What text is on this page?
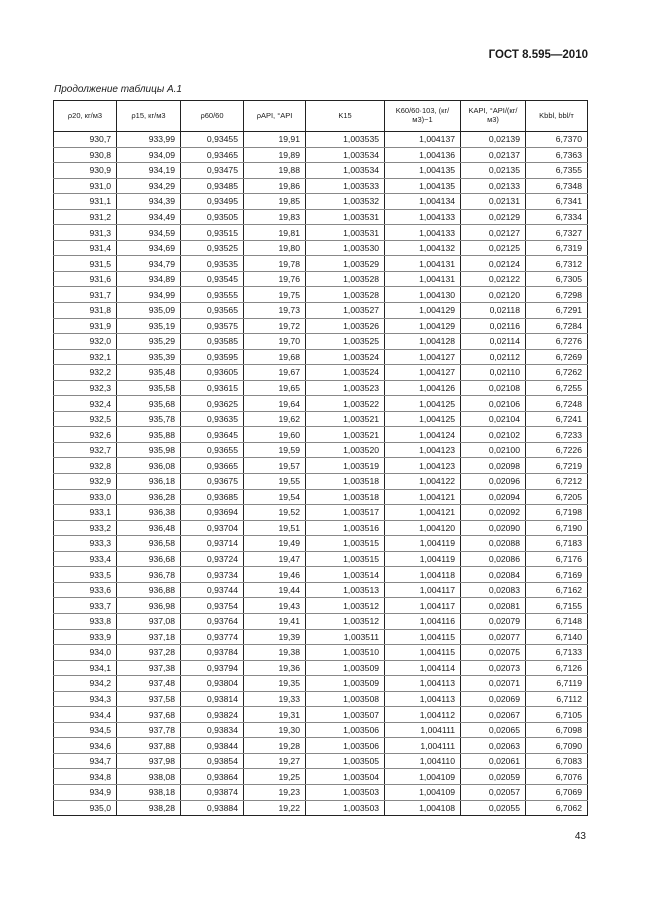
ГОСТ 8.595—2010
Продолжение таблицы А.1
ρ20, кг/м3	ρ15, кг/м3	ρ60/60	ρAPI, °API	K15	K60/60·103, (кг/м3)−1	KAPI, °API/(кг/м3)	Kbbl, bbl/т
930,7	933,99	0,93455	19,91	1,003535	1,004137	0,02139	6,7370
930,8	934,09	0,93465	19,89	1,003534	1,004136	0,02137	6,7363
930,9	934,19	0,93475	19,88	1,003534	1,004135	0,02135	6,7355
931,0	934,29	0,93485	19,86	1,003533	1,004135	0,02133	6,7348
931,1	934,39	0,93495	19,85	1,003532	1,004134	0,02131	6,7341
931,2	934,49	0,93505	19,83	1,003531	1,004133	0,02129	6,7334
931,3	934,59	0,93515	19,81	1,003531	1,004133	0,02127	6,7327
931,4	934,69	0,93525	19,80	1,003530	1,004132	0,02125	6,7319
931,5	934,79	0,93535	19,78	1,003529	1,004131	0,02124	6,7312
931,6	934,89	0,93545	19,76	1,003528	1,004131	0,02122	6,7305
931,7	934,99	0,93555	19,75	1,003528	1,004130	0,02120	6,7298
931,8	935,09	0,93565	19,73	1,003527	1,004129	0,02118	6,7291
931,9	935,19	0,93575	19,72	1,003526	1,004129	0,02116	6,7284
932,0	935,29	0,93585	19,70	1,003525	1,004128	0,02114	6,7276
932,1	935,39	0,93595	19,68	1,003524	1,004127	0,02112	6,7269
932,2	935,48	0,93605	19,67	1,003524	1,004127	0,02110	6,7262
932,3	935,58	0,93615	19,65	1,003523	1,004126	0,02108	6,7255
932,4	935,68	0,93625	19,64	1,003522	1,004125	0,02106	6,7248
932,5	935,78	0,93635	19,62	1,003521	1,004125	0,02104	6,7241
932,6	935,88	0,93645	19,60	1,003521	1,004124	0,02102	6,7233
932,7	935,98	0,93655	19,59	1,003520	1,004123	0,02100	6,7226
932,8	936,08	0,93665	19,57	1,003519	1,004123	0,02098	6,7219
932,9	936,18	0,93675	19,55	1,003518	1,004122	0,02096	6,7212
933,0	936,28	0,93685	19,54	1,003518	1,004121	0,02094	6,7205
933,1	936,38	0,93694	19,52	1,003517	1,004121	0,02092	6,7198
933,2	936,48	0,93704	19,51	1,003516	1,004120	0,02090	6,7190
933,3	936,58	0,93714	19,49	1,003515	1,004119	0,02088	6,7183
933,4	936,68	0,93724	19,47	1,003515	1,004119	0,02086	6,7176
933,5	936,78	0,93734	19,46	1,003514	1,004118	0,02084	6,7169
933,6	936,88	0,93744	19,44	1,003513	1,004117	0,02083	6,7162
933,7	936,98	0,93754	19,43	1,003512	1,004117	0,02081	6,7155
933,8	937,08	0,93764	19,41	1,003512	1,004116	0,02079	6,7148
933,9	937,18	0,93774	19,39	1,003511	1,004115	0,02077	6,7140
934,0	937,28	0,93784	19,38	1,003510	1,004115	0,02075	6,7133
934,1	937,38	0,93794	19,36	1,003509	1,004114	0,02073	6,7126
934,2	937,48	0,93804	19,35	1,003509	1,004113	0,02071	6,7119
934,3	937,58	0,93814	19,33	1,003508	1,004113	0,02069	6,7112
934,4	937,68	0,93824	19,31	1,003507	1,004112	0,02067	6,7105
934,5	937,78	0,93834	19,30	1,003506	1,004111	0,02065	6,7098
934,6	937,88	0,93844	19,28	1,003506	1,004111	0,02063	6,7090
934,7	937,98	0,93854	19,27	1,003505	1,004110	0,02061	6,7083
934,8	938,08	0,93864	19,25	1,003504	1,004109	0,02059	6,7076
934,9	938,18	0,93874	19,23	1,003503	1,004109	0,02057	6,7069
935,0	938,28	0,93884	19,22	1,003503	1,004108	0,02055	6,7062
43
